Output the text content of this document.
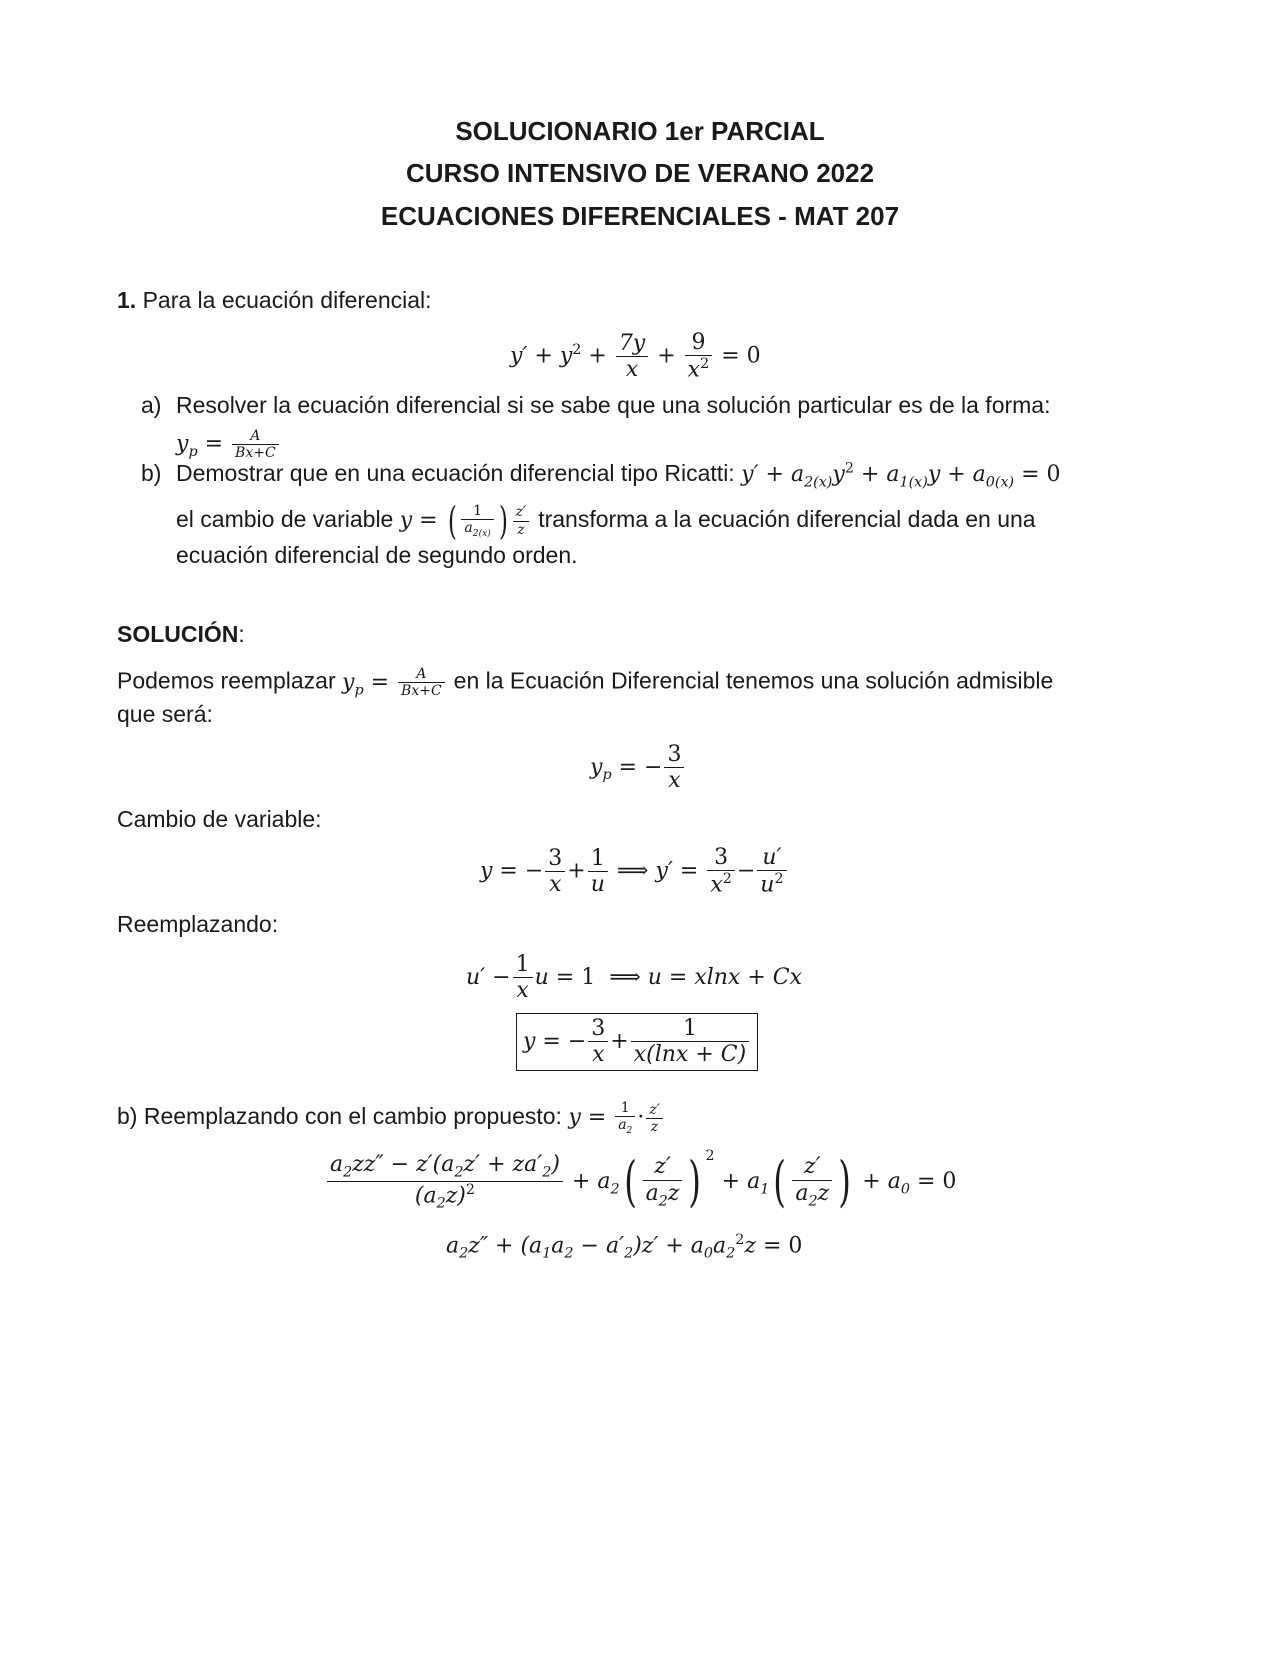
SOLUCIONARIO 1er PARCIAL
CURSO INTENSIVO DE VERANO 2022
ECUACIONES DIFERENCIALES - MAT 207
1. Para la ecuación diferencial:
$y' + y^2 + \frac{7y}{x} + \frac{9}{x^2} = 0$
a) Resolver la ecuación diferencial si se sabe que una solución particular es de la forma:
$y_p = \frac{A}{Bx+C}$
b) Demostrar que en una ecuación diferencial tipo Ricatti: $y' + a_{2(x)}y^2 + a_{1(x)}y + a_{0(x)} = 0$
el cambio de variable y = ( $\frac{1}{a_{2(x)}}$ ) $\frac{z'}{z}$ transforma a la ecuación diferencial dada en una
ecuación diferencial de segundo orden.
SOLUCIÓN:
Podemos reemplazar $y_p = \frac{A}{Bx+C}$ en la Ecuación Diferencial tenemos una solución admisible
que será:
$y_p$ = − $\frac{3}{x}$
Cambio de variable:
y = − $\frac{3}{x} + \frac{1}{u}$ ⟹ $y' = \frac{3}{x^2} - \frac{u'}{u^2}$
Reemplazando:
$u' - \frac{1}{x}$ u = 1  ⟹ u = xlnx + Cx
y = − $\frac{3}{x} + \frac{1}{x(\ln x + C)}$
b) Reemplazando con el cambio propuesto: $y = \frac{1}{a_2} \cdot \frac{z'}{z}$
$\frac{a_2zz'' - z'(a_2z' + za'_2)}{(a_2z)^2} + a_2( \frac{z'}{a_2z}$ ) $^2 + a_1( \frac{z'}{a_2z}$ ) + $a_0 = 0$
$a_2z'' + (a_1a_2 - a'_2)z' + a_0a_2^2z = 0$
